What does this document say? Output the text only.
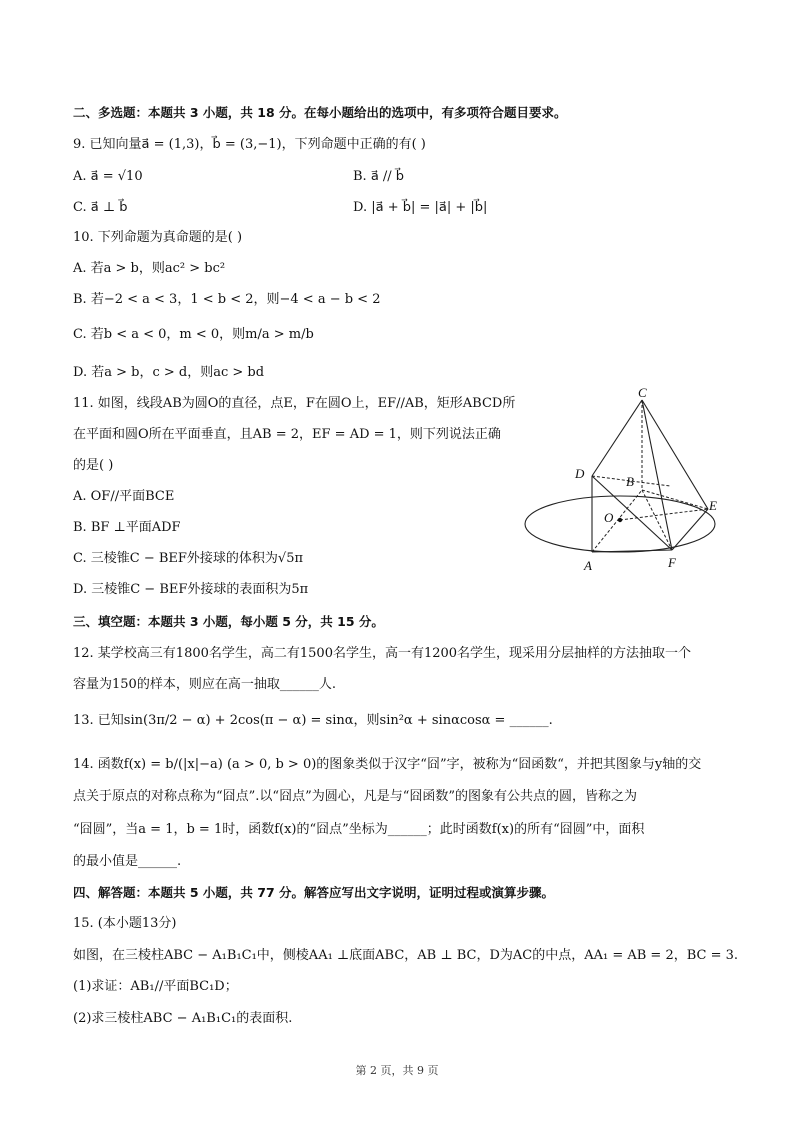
二、多选题：本题共 3 小题，共 18 分。在每小题给出的选项中，有多项符合题目要求。
9. 已知向量a⃗ = (1,3)，b⃗ = (3,−1)，下列命题中正确的有( )
A. a⃗ = √10	B. a⃗ // b⃗
C. a⃗ ⊥ b⃗	D. |a⃗ + b⃗| = |a⃗| + |b⃗|
10. 下列命题为真命题的是( )
A. 若a > b，则ac² > bc²
B. 若−2 < a < 3，1 < b < 2，则−4 < a − b < 2
C. 若b < a < 0，m < 0，则m/a > m/b
D. 若a > b，c > d，则ac > bd
11. 如图，线段AB为圆O的直径，点E，F在圆O上，EF//AB，矩形ABCD所
在平面和圆O所在平面垂直，且AB = 2，EF = AD = 1，则下列说法正确
的是( )
A. OF//平面BCE
B. BF ⊥平面ADF
C. 三棱锥C − BEF外接球的体积为√5π
D. 三棱锥C − BEF外接球的表面积为5π
C
D
B
E
O
A	F
三、填空题：本题共 3 小题，每小题 5 分，共 15 分。
12. 某学校高三有1800名学生，高二有1500名学生，高一有1200名学生，现采用分层抽样的方法抽取一个
容量为150的样本，则应在高一抽取______人.
13. 已知sin(3π/2 − α) + 2cos(π − α) = sinα，则sin²α + sinαcosα = ______.
14. 函数f(x) = b/(|x|−a) (a > 0, b > 0)的图象类似于汉字“囧”字，被称为“囧函数“，并把其图象与y轴的交
点关于原点的对称点称为“囧点”.以“囧点”为圆心，凡是与“囧函数”的图象有公共点的圆，皆称之为
“囧圆”，当a = 1，b = 1时，函数f(x)的“囧点”坐标为______；此时函数f(x)的所有“囧圆”中，面积
的最小值是______.
四、解答题：本题共 5 小题，共 77 分。解答应写出文字说明，证明过程或演算步骤。
15. (本小题13分)
如图，在三棱柱ABC − A₁B₁C₁中，侧棱AA₁ ⊥底面ABC，AB ⊥ BC，D为AC的中点，AA₁ = AB = 2，BC = 3.
(1)求证：AB₁//平面BC₁D；
(2)求三棱柱ABC − A₁B₁C₁的表面积.
第 2 页，共 9 页
